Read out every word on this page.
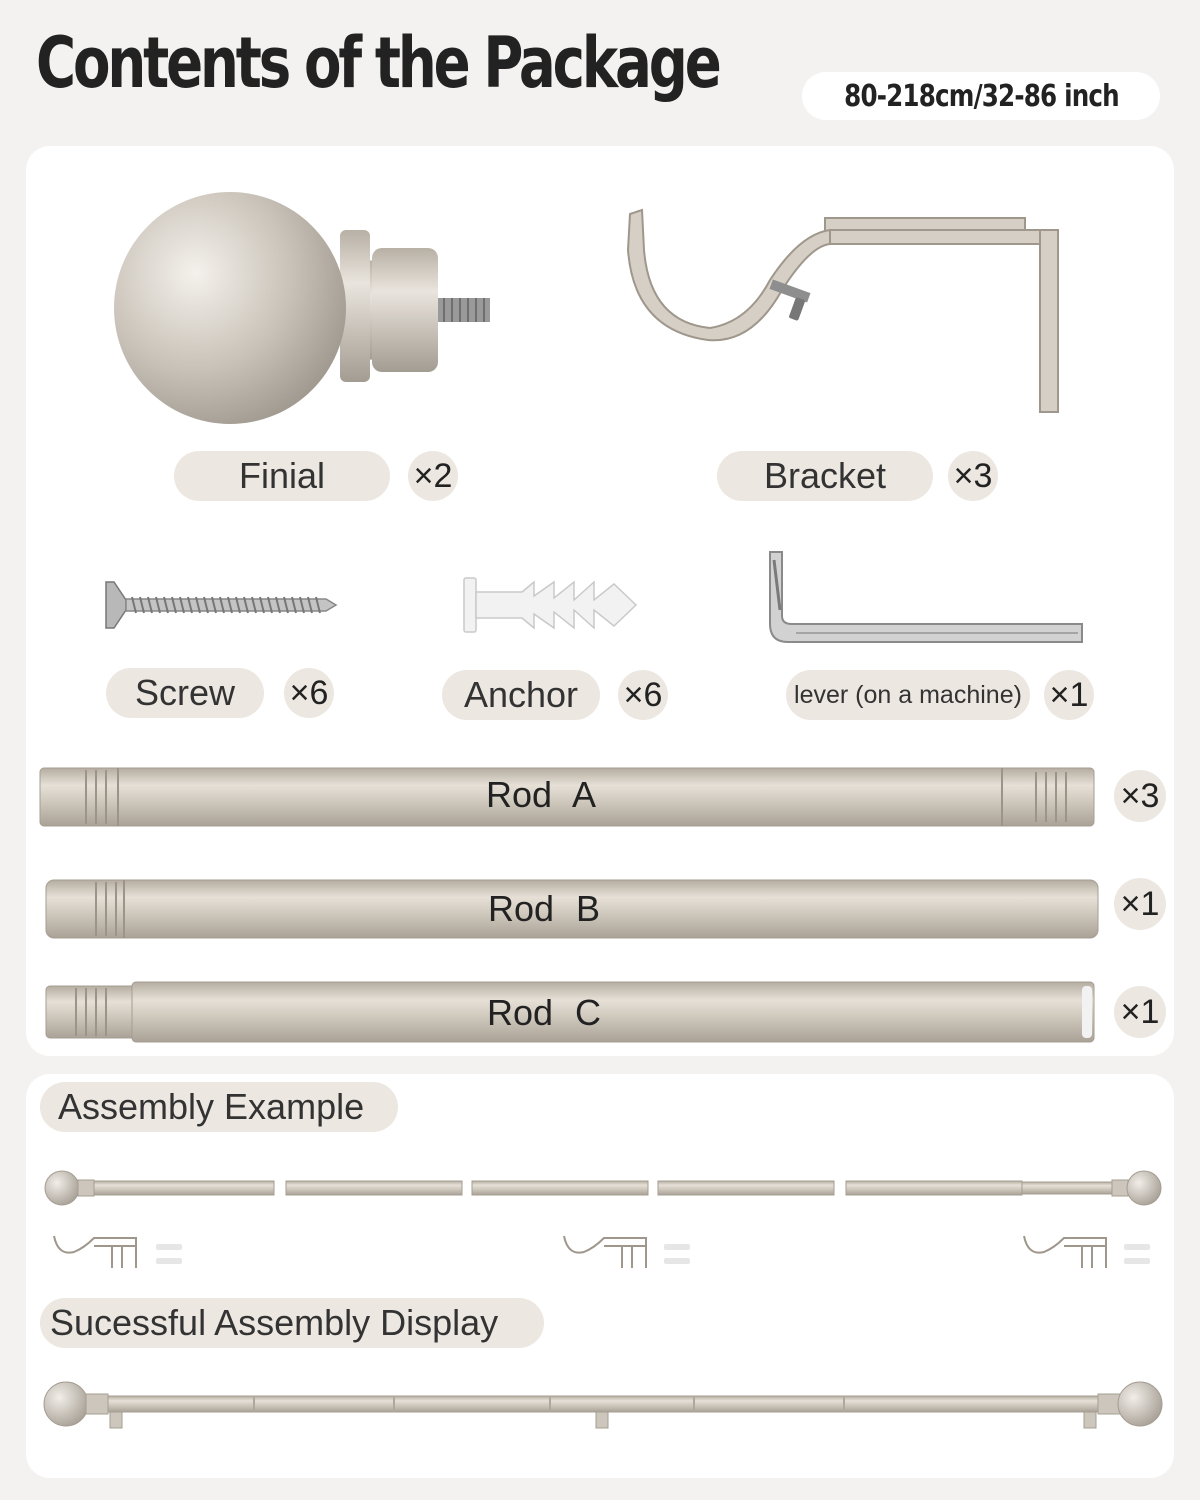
Contents of the Package	80-218cm/32-86 inch
Finial	×2	Bracket ×3
Screw ×6	Anchor ×6	lever (on a machine) ×1
Rod A	×3
Rod B	×1
Rod C	×1
Assembly Example
Sucessful Assembly Display
